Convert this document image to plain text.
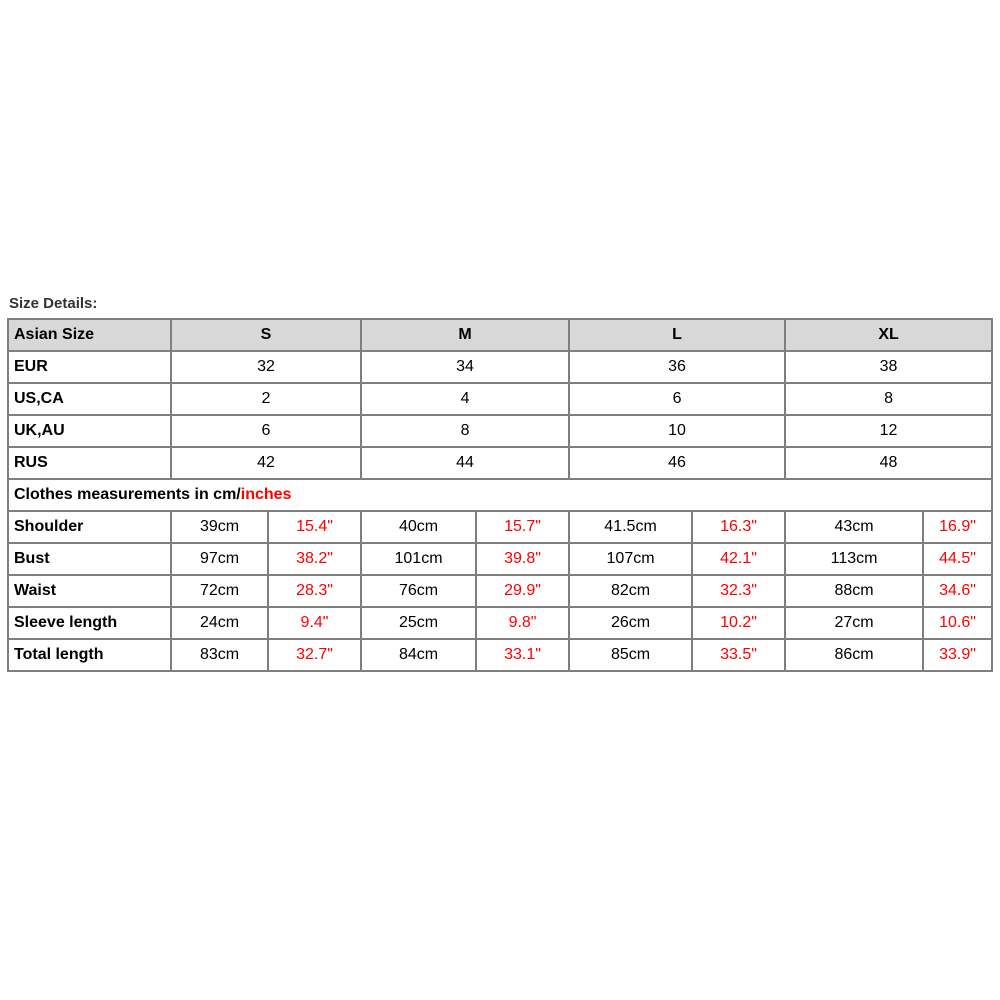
Size Details:
Asian Size	S		M		L		XL	
EUR	32		34		36		38	
US,CA	2		4		6		8	
UK,AU	6		8		10		12	
RUS	42		44		46		48	
Clothes measurements in cm/inches								
Shoulder	39cm	15.4"	40cm	15.7"	41.5cm	16.3"	43cm	16.9"
Bust	97cm	38.2"	101cm	39.8"	107cm	42.1"	113cm	44.5"
Waist	72cm	28.3"	76cm	29.9"	82cm	32.3"	88cm	34.6"
Sleeve length	24cm	9.4"	25cm	9.8"	26cm	10.2"	27cm	10.6"
Total length	83cm	32.7"	84cm	33.1"	85cm	33.5"	86cm	33.9"
